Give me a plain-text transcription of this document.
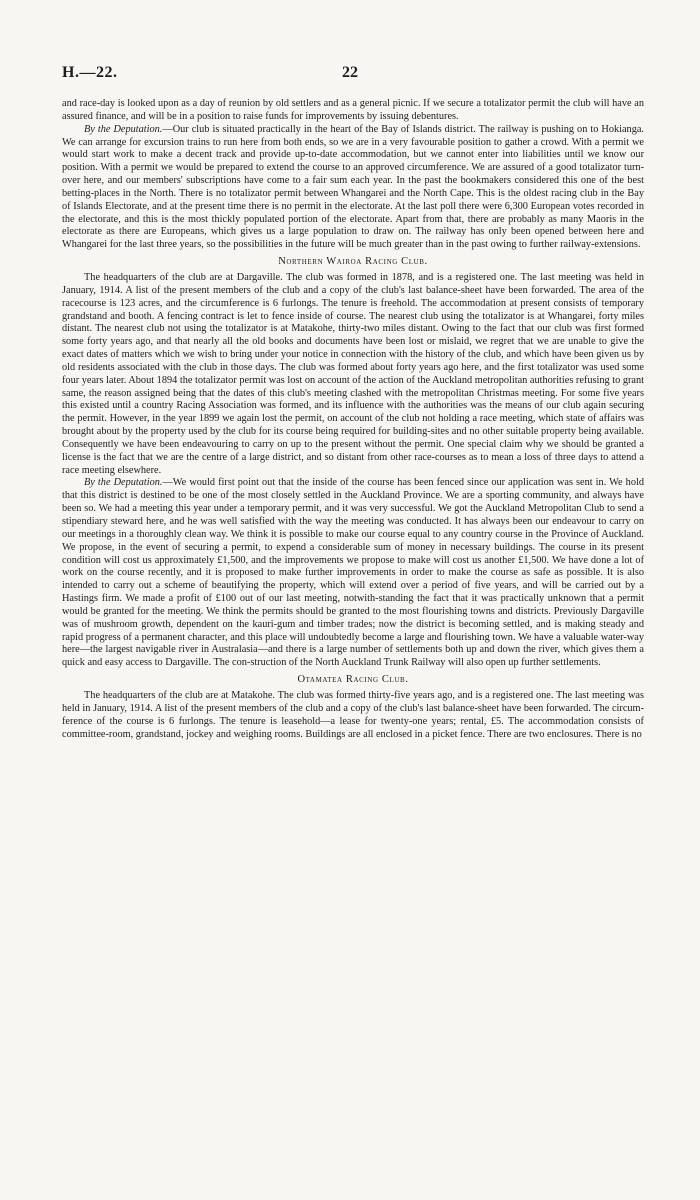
H.—22.	22

and race-day is looked upon as a day of reunion by old settlers and as a general picnic. If we secure a totalizator permit the club will have an assured finance, and will be in a position to raise funds for improvements by issuing debentures.

By the Deputation.—Our club is situated practically in the heart of the Bay of Islands district. The railway is pushing on to Hokianga. We can arrange for excursion trains to run here from both ends, so we are in a very favourable position to gather a crowd. With a permit we would start work to make a decent track and provide up-to-date accommodation, but we cannot enter into liabilities until we know our position. With a permit we would be prepared to extend the course to an approved circumference. We are assured of a good totalizator turn-over here, and our members' subscriptions have come to a fair sum each year. In the past the bookmakers considered this one of the best betting-places in the North. There is no totalizator permit between Whangarei and the North Cape. This is the oldest racing club in the Bay of Islands Electorate, and at the present time there is no permit in the electorate. At the last poll there were 6,300 European votes recorded in the electorate, and this is the most thickly populated portion of the electorate. Apart from that, there are probably as many Maoris in the electorate as there are Europeans, which gives us a large population to draw on. The railway has only been opened between here and Whangarei for the last three years, so the possibilities in the future will be much greater than in the past owing to further railway-extensions.

Northern Wairoa Racing Club.

The headquarters of the club are at Dargaville. The club was formed in 1878, and is a registered one. The last meeting was held in January, 1914. A list of the present members of the club and a copy of the club's last balance-sheet have been forwarded. The area of the racecourse is 123 acres, and the circumference is 6 furlongs. The tenure is freehold. The accommodation at present consists of temporary grandstand and booth. A fencing contract is let to fence inside of course. The nearest club using the totalizator is at Whangarei, forty miles distant. The nearest club not using the totalizator is at Matakohe, thirty-two miles distant. Owing to the fact that our club was first formed some forty years ago, and that nearly all the old books and documents have been lost or mislaid, we regret that we are unable to give the exact dates of matters which we wish to bring under your notice in connection with the history of the club, and which have been given us by old residents associated with the club in those days. The club was formed about forty years ago here, and the first totalizator was used some four years later. About 1894 the totalizator permit was lost on account of the action of the Auckland metropolitan authorities refusing to grant same, the reason assigned being that the dates of this club's meeting clashed with the metropolitan Christmas meeting. For some five years this existed until a country Racing Association was formed, and its influence with the authorities was the means of our club again securing the permit. However, in the year 1899 we again lost the permit, on account of the club not holding a race meeting, which state of affairs was brought about by the property used by the club for its course being required for building-sites and no other suitable property being available. Consequently we have been endeavouring to carry on up to the present without the permit. One special claim why we should be granted a license is the fact that we are the centre of a large district, and so distant from other race-courses as to mean a loss of three days to attend a race meeting elsewhere.

By the Deputation.—We would first point out that the inside of the course has been fenced since our application was sent in. We hold that this district is destined to be one of the most closely settled in the Auckland Province. We are a sporting community, and always have been so. We had a meeting this year under a temporary permit, and it was very successful. We got the Auckland Metropolitan Club to send a stipendiary steward here, and he was well satisfied with the way the meeting was conducted. It has always been our endeavour to carry on our meetings in a thoroughly clean way. We think it is possible to make our course equal to any country course in the Province of Auckland. We propose, in the event of securing a permit, to expend a considerable sum of money in necessary buildings. The course in its present condition will cost us approximately £1,500, and the improvements we propose to make will cost us another £1,500. We have done a lot of work on the course recently, and it is proposed to make further improvements in order to make the course as safe as possible. It is also intended to carry out a scheme of beautifying the property, which will extend over a period of five years, and will be carried out by a Hastings firm. We made a profit of £100 out of our last meeting, notwith-standing the fact that it was practically unknown that a permit would be granted for the meeting. We think the permits should be granted to the most flourishing towns and districts. Previously Dargaville was of mushroom growth, dependent on the kauri-gum and timber trades; now the district is becoming settled, and is making steady and rapid progress of a permanent character, and this place will undoubtedly become a large and flourishing town. We have a valuable water-way here—the largest navigable river in Australasia—and there is a large number of settlements both up and down the river, which gives them a quick and easy access to Dargaville. The con-struction of the North Auckland Trunk Railway will also open up further settlements.

Otamatea Racing Club.

The headquarters of the club are at Matakohe. The club was formed thirty-five years ago, and is a registered one. The last meeting was held in January, 1914. A list of the present members of the club and a copy of the club's last balance-sheet have been forwarded. The circum-ference of the course is 6 furlongs. The tenure is leasehold—a lease for twenty-one years; rental, £5. The accommodation consists of committee-room, grandstand, jockey and weighing rooms. Buildings are all enclosed in a picket fence. There are two enclosures. There is no
